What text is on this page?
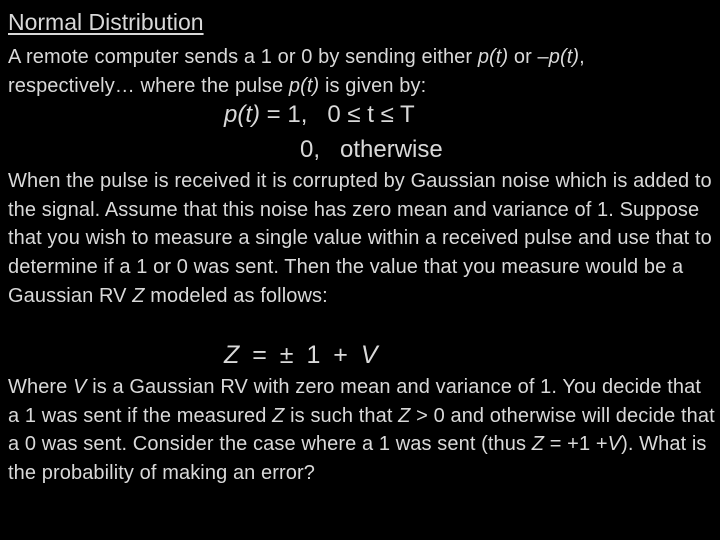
Normal Distribution
A remote computer sends a 1 or 0 by sending either p(t) or –p(t), respectively… where the pulse p(t) is given by:
p(t) = 1,   0 ≤ t ≤ T
0,   otherwise
When the pulse is received it is corrupted by Gaussian noise which is added to the signal. Assume that this noise has zero mean and variance of 1. Suppose that you wish to measure a single value within a received pulse and use that to determine if a 1 or 0 was sent. Then the value that you measure would be a Gaussian RV Z modeled as follows:
Z = ± 1 + V
Where V is a Gaussian RV with zero mean and variance of 1. You decide that a 1 was sent if the measured Z is such that Z > 0 and otherwise will decide that a 0 was sent. Consider the case where a 1 was sent (thus Z = +1 +V). What is the probability of making an error?
